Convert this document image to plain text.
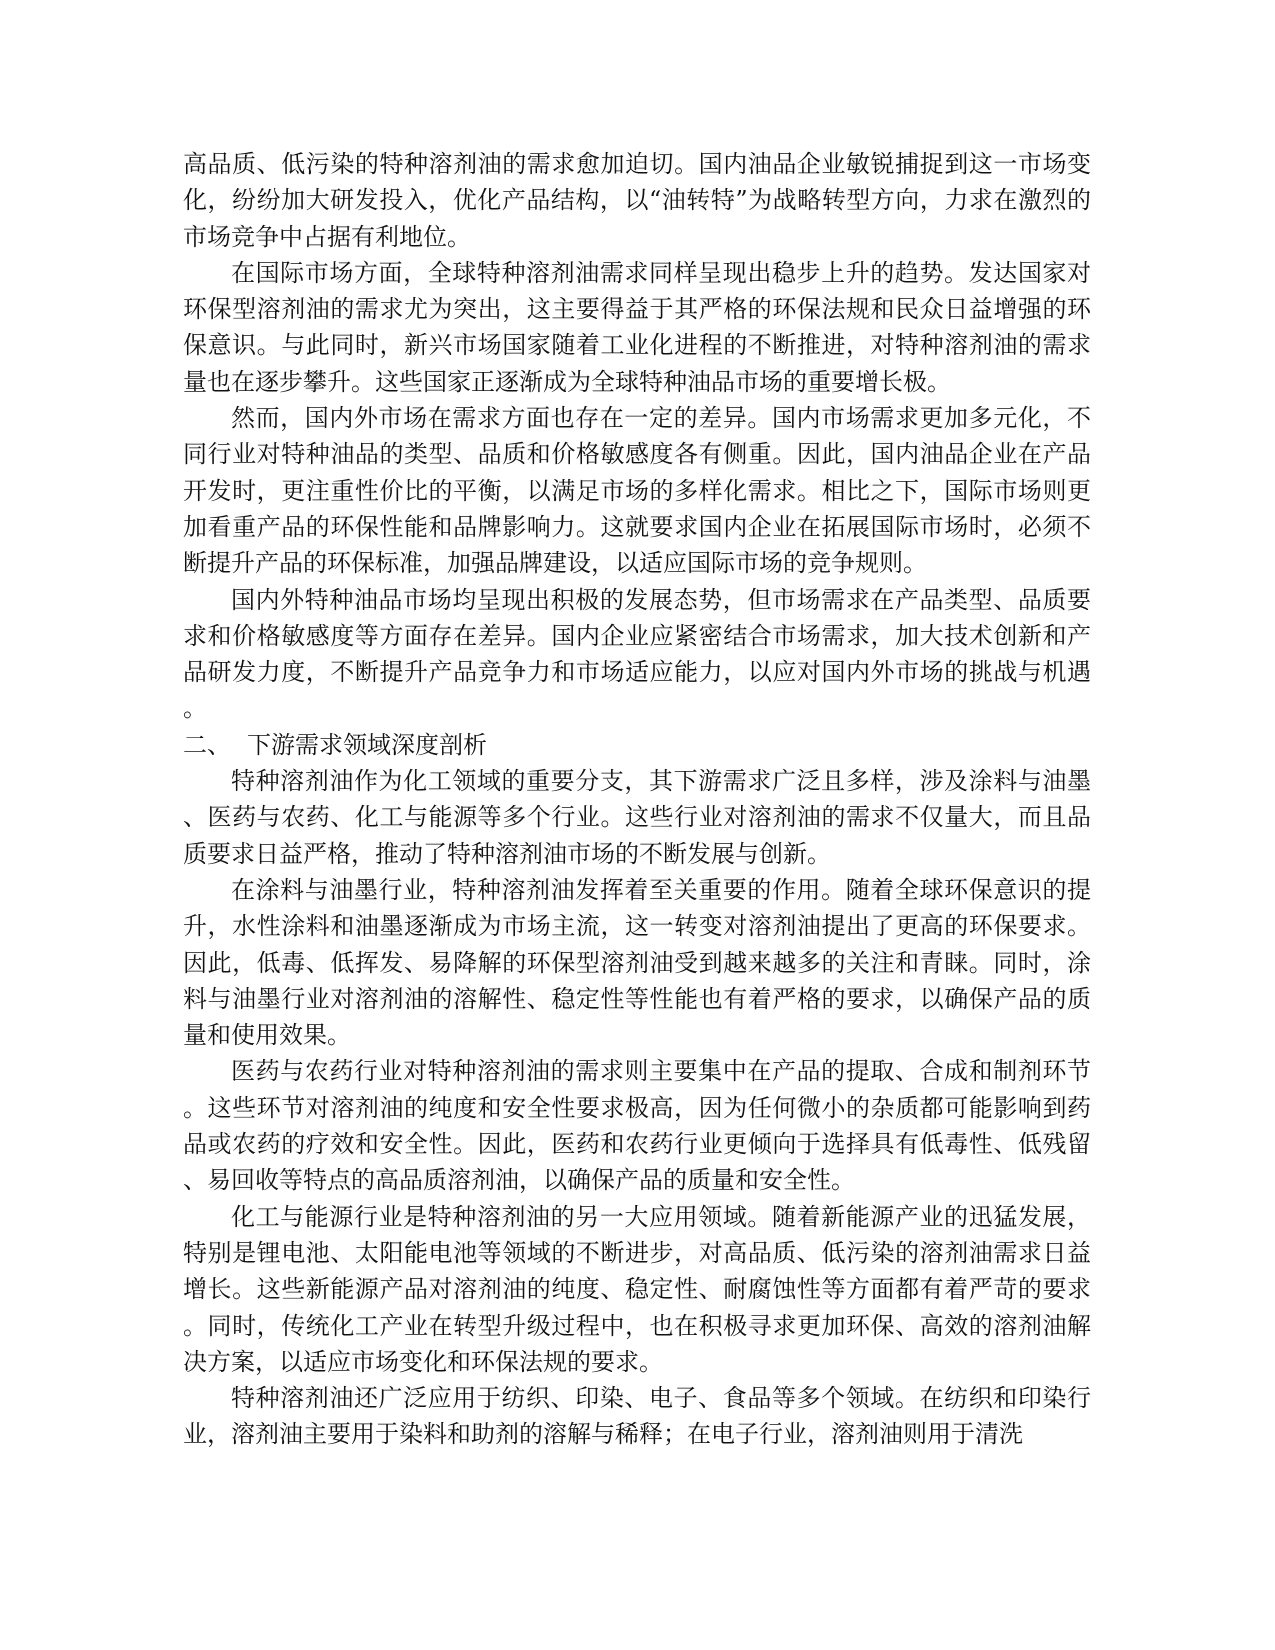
高品质、低污染的特种溶剂油的需求愈加迫切。国内油品企业敏锐捕捉到这一市场变化，纷纷加大研发投入，优化产品结构，以“油转特”为战略转型方向，力求在激烈的市场竞争中占据有利地位。

在国际市场方面，全球特种溶剂油需求同样呈现出稳步上升的趋势。发达国家对环保型溶剂油的需求尤为突出，这主要得益于其严格的环保法规和民众日益增强的环保意识。与此同时，新兴市场国家随着工业化进程的不断推进，对特种溶剂油的需求量也在逐步攀升。这些国家正逐渐成为全球特种油品市场的重要增长极。

然而，国内外市场在需求方面也存在一定的差异。国内市场需求更加多元化，不同行业对特种油品的类型、品质和价格敏感度各有侧重。因此，国内油品企业在产品开发时，更注重性价比的平衡，以满足市场的多样化需求。相比之下，国际市场则更加看重产品的环保性能和品牌影响力。这就要求国内企业在拓展国际市场时，必须不断提升产品的环保标准，加强品牌建设，以适应国际市场的竞争规则。

国内外特种油品市场均呈现出积极的发展态势，但市场需求在产品类型、品质要求和价格敏感度等方面存在差异。国内企业应紧密结合市场需求，加大技术创新和产品研发力度，不断提升产品竞争力和市场适应能力，以应对国内外市场的挑战与机遇。

二、 下游需求领域深度剖析

特种溶剂油作为化工领域的重要分支，其下游需求广泛且多样，涉及涂料与油墨、医药与农药、化工与能源等多个行业。这些行业对溶剂油的需求不仅量大，而且品质要求日益严格，推动了特种溶剂油市场的不断发展与创新。

在涂料与油墨行业，特种溶剂油发挥着至关重要的作用。随着全球环保意识的提升，水性涂料和油墨逐渐成为市场主流，这一转变对溶剂油提出了更高的环保要求。因此，低毒、低挥发、易降解的环保型溶剂油受到越来越多的关注和青睐。同时，涂料与油墨行业对溶剂油的溶解性、稳定性等性能也有着严格的要求，以确保产品的质量和使用效果。

医药与农药行业对特种溶剂油的需求则主要集中在产品的提取、合成和制剂环节。这些环节对溶剂油的纯度和安全性要求极高，因为任何微小的杂质都可能影响到药品或农药的疗效和安全性。因此，医药和农药行业更倾向于选择具有低毒性、低残留、易回收等特点的高品质溶剂油，以确保产品的质量和安全性。

化工与能源行业是特种溶剂油的另一大应用领域。随着新能源产业的迅猛发展，特别是锂电池、太阳能电池等领域的不断进步，对高品质、低污染的溶剂油需求日益增长。这些新能源产品对溶剂油的纯度、稳定性、耐腐蚀性等方面都有着严苛的要求。同时，传统化工产业在转型升级过程中，也在积极寻求更加环保、高效的溶剂油解决方案，以适应市场变化和环保法规的要求。

特种溶剂油还广泛应用于纺织、印染、电子、食品等多个领域。在纺织和印染行业，溶剂油主要用于染料和助剂的溶解与稀释；在电子行业，溶剂油则用于清洗
